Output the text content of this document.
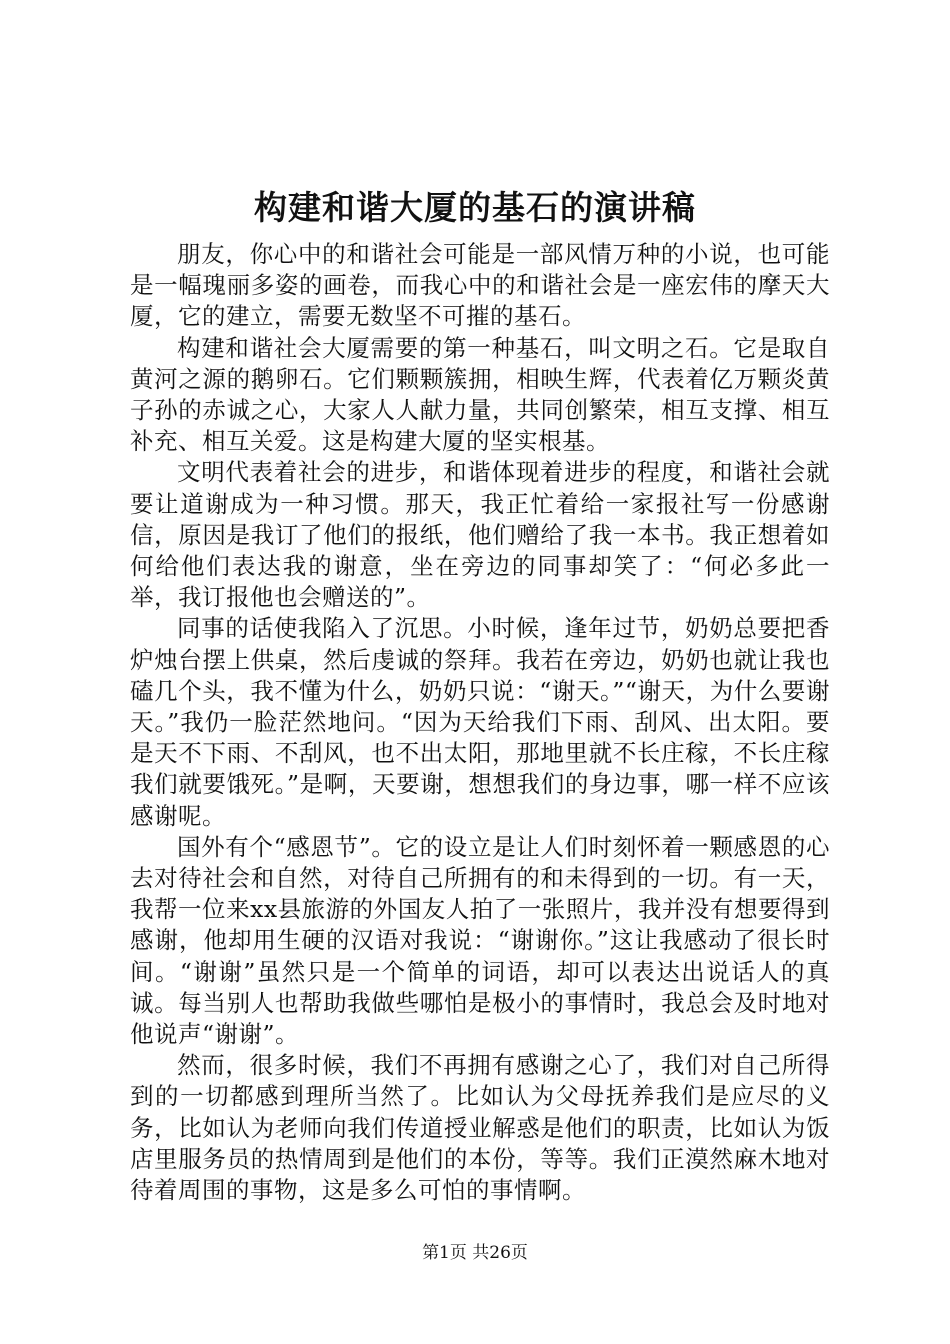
构建和谐大厦的基石的演讲稿

朋友，你心中的和谐社会可能是一部风情万种的小说，也可能是一幅瑰丽多姿的画卷，而我心中的和谐社会是一座宏伟的摩天大厦，它的建立，需要无数坚不可摧的基石。

构建和谐社会大厦需要的第一种基石，叫文明之石。它是取自黄河之源的鹅卵石。它们颗颗簇拥，相映生辉，代表着亿万颗炎黄子孙的赤诚之心，大家人人献力量，共同创繁荣，相互支撑、相互补充、相互关爱。这是构建大厦的坚实根基。

文明代表着社会的进步，和谐体现着进步的程度，和谐社会就要让道谢成为一种习惯。那天，我正忙着给一家报社写一份感谢信，原因是我订了他们的报纸，他们赠给了我一本书。我正想着如何给他们表达我的谢意，坐在旁边的同事却笑了：“何必多此一举，我订报他也会赠送的”。

同事的话使我陷入了沉思。小时候，逢年过节，奶奶总要把香炉烛台摆上供桌，然后虔诚的祭拜。我若在旁边，奶奶也就让我也磕几个头，我不懂为什么，奶奶只说：“谢天。”“谢天，为什么要谢天。”我仍一脸茫然地问。“因为天给我们下雨、刮风、出太阳。要是天不下雨、不刮风，也不出太阳，那地里就不长庄稼，不长庄稼我们就要饿死。”是啊，天要谢，想想我们的身边事，哪一样不应该感谢呢。

国外有个“感恩节”。它的设立是让人们时刻怀着一颗感恩的心去对待社会和自然，对待自己所拥有的和未得到的一切。有一天，我帮一位来xx县旅游的外国友人拍了一张照片，我并没有想要得到感谢，他却用生硬的汉语对我说：“谢谢你。”这让我感动了很长时间。“谢谢”虽然只是一个简单的词语，却可以表达出说话人的真诚。每当别人也帮助我做些哪怕是极小的事情时，我总会及时地对他说声“谢谢”。

然而，很多时候，我们不再拥有感谢之心了，我们对自己所得到的一切都感到理所当然了。比如认为父母抚养我们是应尽的义务，比如认为老师向我们传道授业解惑是他们的职责，比如认为饭店里服务员的热情周到是他们的本份，等等。我们正漠然麻木地对待着周围的事物，这是多么可怕的事情啊。

第1页 共26页
